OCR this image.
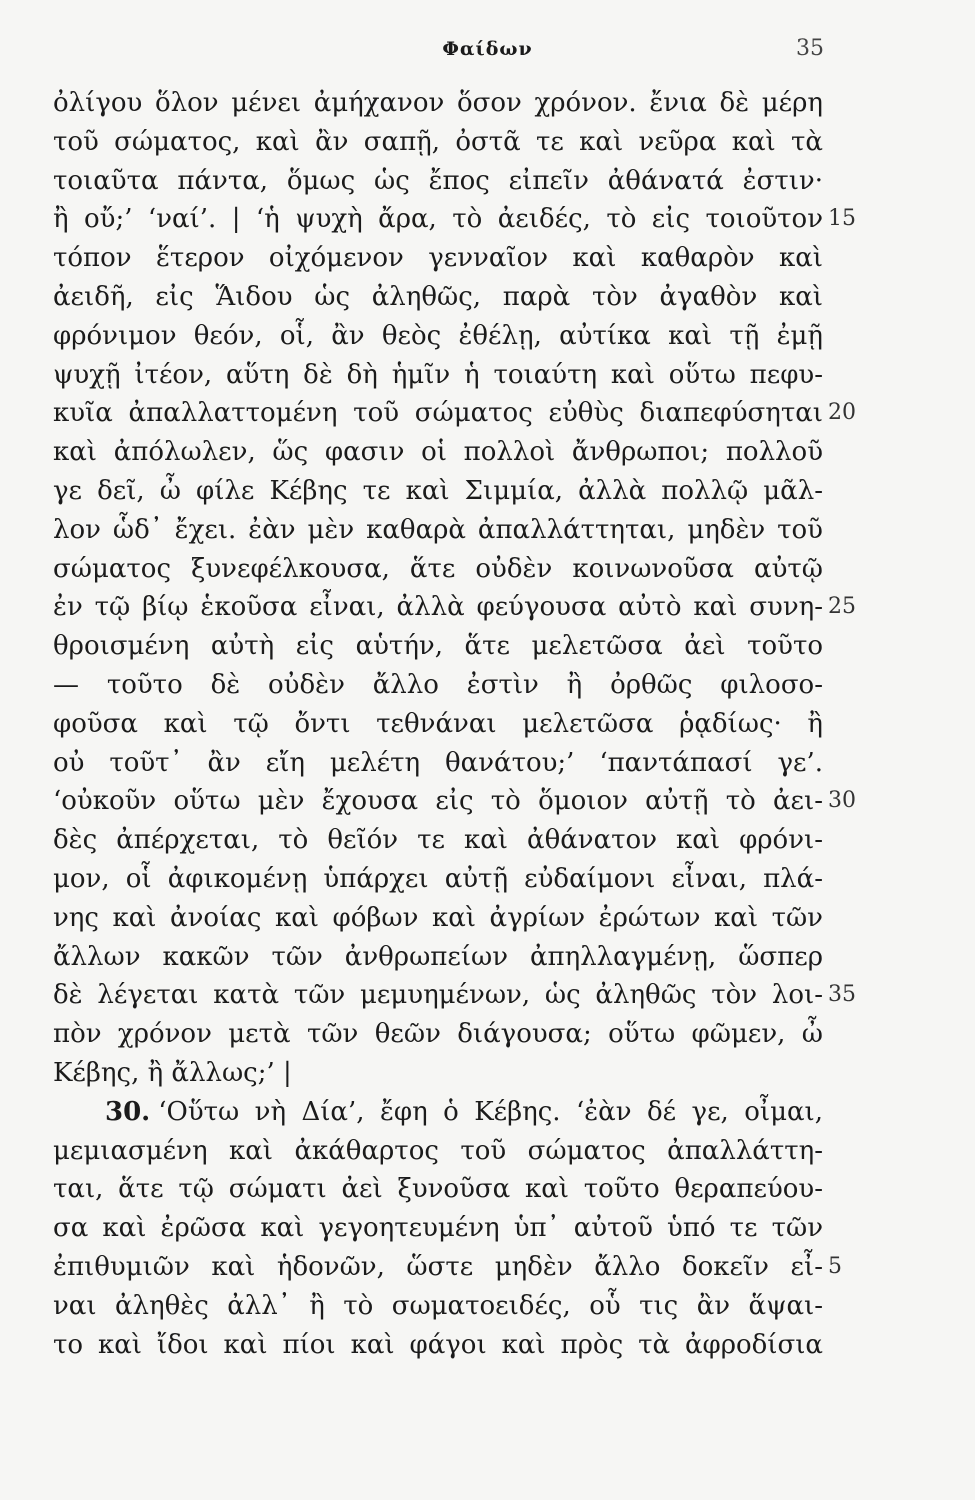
Φαίδων	35
ὀλίγου ὅλον μένει ἀμήχανον ὅσον χρόνον. ἔνια δὲ μέρη
τοῦ σώματος, καὶ ἂν σαπῇ, ὀστᾶ τε καὶ νεῦρα καὶ τὰ
τοιαῦτα πάντα, ὅμως ὡς ἔπος εἰπεῖν ἀθάνατά ἐστιν·
ἢ οὔ;’ ‘ναί’. | ‘ἡ ψυχὴ ἄρα, τὸ ἀειδές, τὸ εἰς τοιοῦτον 15
τόπον ἕτερον οἰχόμενον γενναῖον καὶ καθαρὸν καὶ
ἀειδῆ, εἰς Ἅιδου ὡς ἀληθῶς, παρὰ τὸν ἀγαθὸν καὶ
φρόνιμον θεόν, οἷ, ἂν θεὸς ἐθέλῃ, αὐτίκα καὶ τῇ ἐμῇ
ψυχῇ ἰτέον, αὕτη δὲ δὴ ἡμῖν ἡ τοιαύτη καὶ οὕτω πεφυ-
κυῖα ἀπαλλαττομένη τοῦ σώματος εὐθὺς διαπεφύσηται 20
καὶ ἀπόλωλεν, ὥς φασιν οἱ πολλοὶ ἄνθρωποι; πολλοῦ
γε δεῖ, ὦ φίλε Κέβης τε καὶ Σιμμία, ἀλλὰ πολλῷ μᾶλ-
λον ὧδ᾽ ἔχει. ἐὰν μὲν καθαρὰ ἀπαλλάττηται, μηδὲν τοῦ
σώματος ξυνεφέλκουσα, ἅτε οὐδὲν κοινωνοῦσα αὐτῷ
ἐν τῷ βίῳ ἑκοῦσα εἶναι, ἀλλὰ φεύγουσα αὐτὸ καὶ συνη- 25
θροισμένη αὐτὴ εἰς αὑτήν, ἅτε μελετῶσα ἀεὶ τοῦτο
— τοῦτο δὲ οὐδὲν ἄλλο ἐστὶν ἢ ὀρθῶς φιλοσο-
φοῦσα καὶ τῷ ὄντι τεθνάναι μελετῶσα ῥᾳδίως· ἢ
οὐ τοῦτ᾽ ἂν εἴη μελέτη θανάτου;’ ‘παντάπασί γε’.
‘οὐκοῦν οὕτω μὲν ἔχουσα εἰς τὸ ὅμοιον αὐτῇ τὸ ἀει- 30
δὲς ἀπέρχεται, τὸ θεῖόν τε καὶ ἀθάνατον καὶ φρόνι-
μον, οἷ ἀφικομένῃ ὑπάρχει αὐτῇ εὐδαίμονι εἶναι, πλά-
νης καὶ ἀνοίας καὶ φόβων καὶ ἀγρίων ἐρώτων καὶ τῶν
ἄλλων κακῶν τῶν ἀνθρωπείων ἀπηλλαγμένῃ, ὥσπερ
δὲ λέγεται κατὰ τῶν μεμυημένων, ὡς ἀληθῶς τὸν λοι- 35
πὸν χρόνον μετὰ τῶν θεῶν διάγουσα; οὕτω φῶμεν, ὦ
Κέβης, ἢ ἄλλως;’ |
30. ‘Οὕτω νὴ Δία’, ἔφη ὁ Κέβης. ‘ἐὰν δέ γε, οἶμαι,
μεμιασμένη καὶ ἀκάθαρτος τοῦ σώματος ἀπαλλάττη-
ται, ἅτε τῷ σώματι ἀεὶ ξυνοῦσα καὶ τοῦτο θεραπεύου-
σα καὶ ἐρῶσα καὶ γεγοητευμένη ὑπ᾽ αὐτοῦ ὑπό τε τῶν
ἐπιθυμιῶν καὶ ἡδονῶν, ὥστε μηδὲν ἄλλο δοκεῖν εἶ- 5
ναι ἀληθὲς ἀλλ᾽ ἢ τὸ σωματοειδές, οὗ τις ἂν ἅψαι-
το καὶ ἴδοι καὶ πίοι καὶ φάγοι καὶ πρὸς τὰ ἀφροδίσια
